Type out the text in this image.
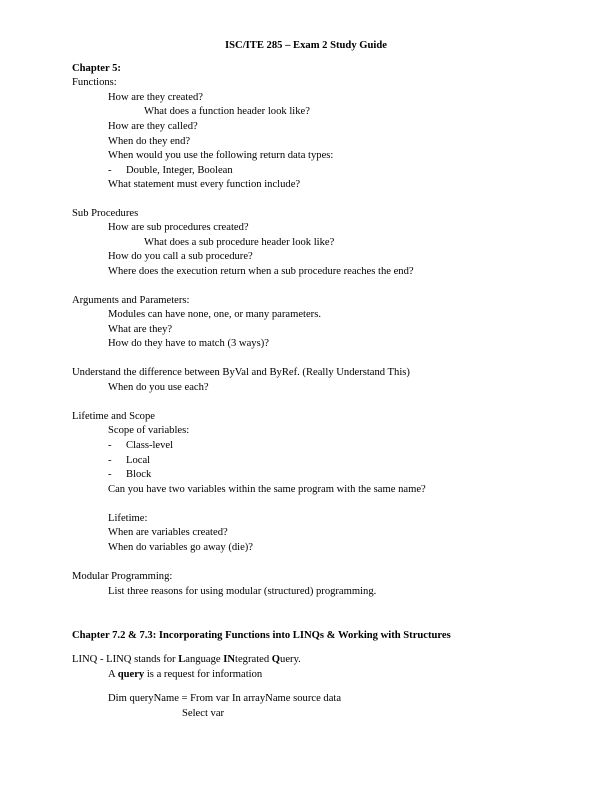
ISC/ITE 285 – Exam 2 Study Guide
Chapter 5:
Functions:
How are they created?
What does a function header look like?
How are they called?
When do they end?
When would you use the following return data types:
- Double, Integer, Boolean
What statement must every function include?
Sub Procedures
How are sub procedures created?
What does a sub procedure header look like?
How do you call a sub procedure?
Where does the execution return when a sub procedure reaches the end?
Arguments and Parameters:
Modules can have none, one, or many parameters.
What are they?
How do they have to match (3 ways)?
Understand the difference between ByVal and ByRef. (Really Understand This)
When do you use each?
Lifetime and Scope
Scope of variables:
- Class-level
- Local
- Block
Can you have two variables within the same program with the same name?
Lifetime:
When are variables created?
When do variables go away (die)?
Modular Programming:
List three reasons for using modular (structured) programming.
Chapter 7.2 & 7.3: Incorporating Functions into LINQs & Working with Structures
LINQ - LINQ stands for Language INtegrated Query.
A query is a request for information
Dim queryName = From var In arrayName source data
Select var
